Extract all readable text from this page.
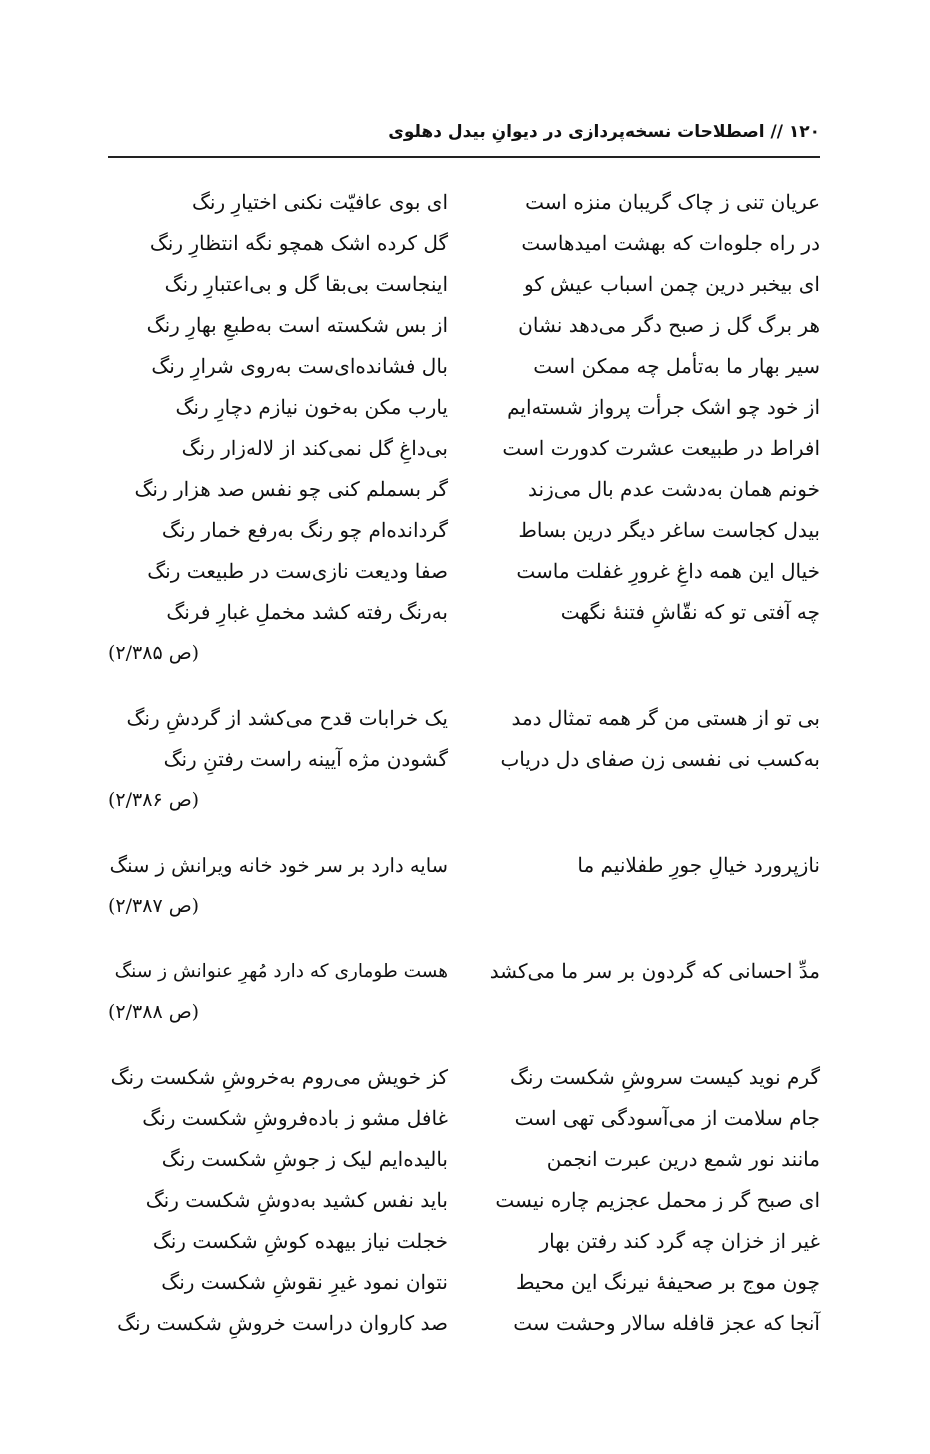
۱۲۰ // اصطلاحات نسخه‌پردازی در دیوانِ بیدل دهلوی
عریان تنی ز چاک گریبان منزه است
ای بوی عافیّت نکنی اختیارِ رنگ
در راه جلوه‌ات که بهشت امیدهاست
گل کرده اشک همچو نگه انتظارِ رنگ
ای بیخبر درین چمن اسباب عیش کو
اینجاست بی‌بقا گل و بی‌اعتبارِ رنگ
هر برگ گل ز صبح دگر می‌دهد نشان
از بس شکسته است به‌طبعِ بهارِ رنگ
سیر بهار ما به‌تأمل چه ممکن است
بال فشانده‌ای‌ست به‌روی شرارِ رنگ
از خود چو اشک جرأت پرواز شسته‌ایم
یارب مکن به‌خون نیازم دچارِ رنگ
افراط در طبیعت عشرت کدورت است
بی‌داغِ گل نمی‌کند از لاله‌زار رنگ
خونم همان به‌دشت عدم بال می‌زند
گر بسملم کنی چو نفس صد هزار رنگ
بیدل کجاست ساغر دیگر درین بساط
گردانده‌ام چو رنگ به‌رفع خمار رنگ
خیال این همه داغِ غرورِ غفلت ماست
صفا ودیعت نازی‌ست در طبیعت رنگ
چه آفتی تو که نقّاشِ فتنهٔ نگهت
به‌رنگ رفته کشد مخملِ غبارِ فرنگ
(ص ۲/۳۸۵)
بی تو از هستی من گر همه تمثال دمد
یک خرابات قدح می‌کشد از گردشِ رنگ
به‌کسب نی نفسی زن صفای دل دریاب
گشودن مژه آیینه راست رفتنِ رنگ
(ص ۲/۳۸۶)
نازپرورد خیالِ جورِ طفلانیم ما
سایه دارد بر سر خود خانه ویرانش ز سنگ
(ص ۲/۳۸۷)
مدِّ احسانی که گردون بر سر ما می‌کشد
هست طوماری که دارد مُهرِ عنوانش ز سنگ
(ص ۲/۳۸۸)
گرم نوید کیست سروشِ شکست رنگ
کز خویش می‌روم به‌خروشِ شکست رنگ
جام سلامت از می‌آسودگی تهی است
غافل مشو ز باده‌فروشِ شکست رنگ
مانند نور شمع درین عبرت انجمن
بالیده‌ایم لیک ز جوشِ شکست رنگ
ای صبح گر ز محمل عجزیم چاره نیست
باید نفس کشید به‌دوشِ شکست رنگ
غیر از خزان چه گرد کند رفتن بهار
خجلت نیاز بیهده کوشِ شکست رنگ
چون موج بر صحیفهٔ نیرنگ این محیط
نتوان نمود غیرِ نقوشِ شکست رنگ
آنجا که عجز قافله سالار وحشت ست
صد کاروان دراست خروشِ شکست رنگ
